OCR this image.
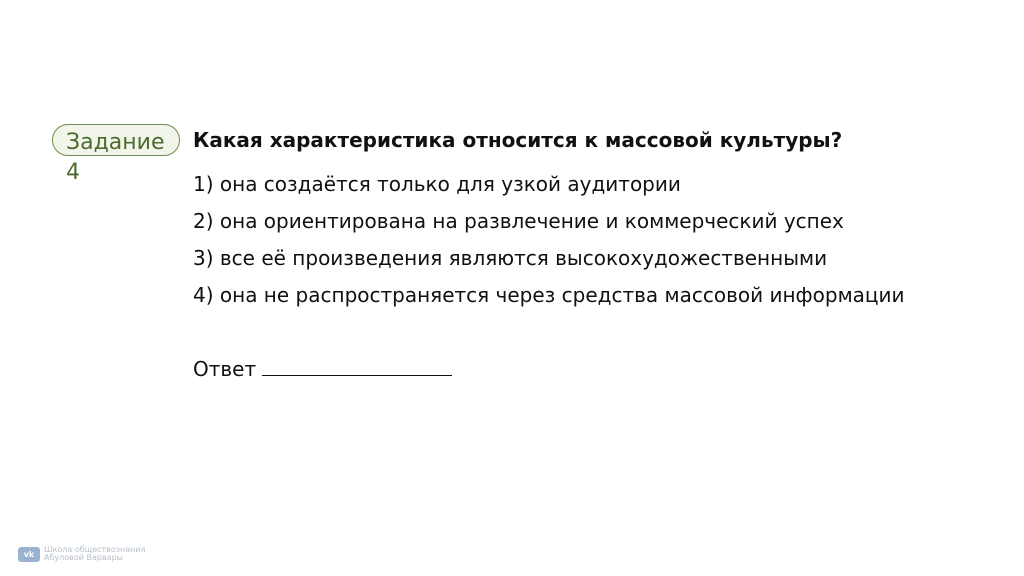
Задание 4
Какая характеристика относится к массовой культуры?
1) она создаётся только для узкой аудитории
2) она ориентирована на развлечение и коммерческий успех
3) все её произведения являются высокохудожественными
4) она не распространяется через средства массовой информации
Ответ
vk	Школа обществознания
Абуловой Варвары
